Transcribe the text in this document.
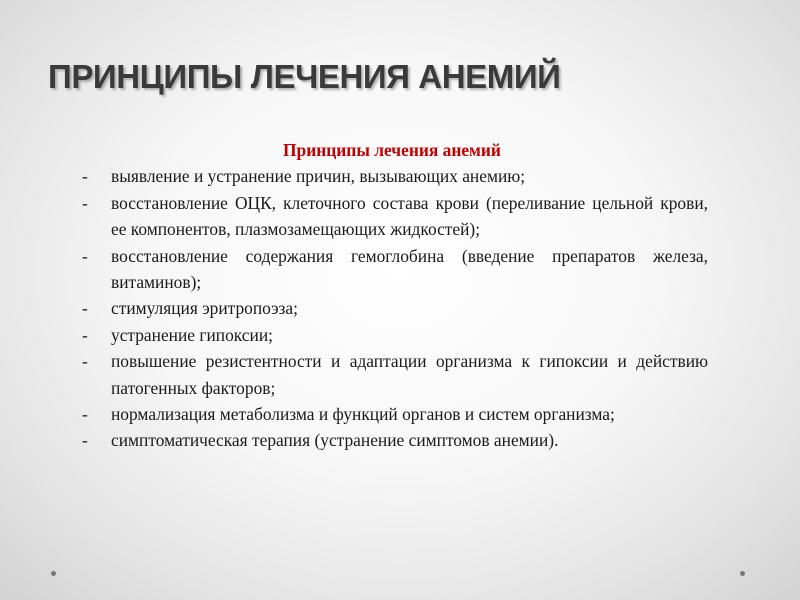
ПРИНЦИПЫ ЛЕЧЕНИЯ АНЕМИЙ

Принципы лечения анемий

-	выявление и устранение причин, вызывающих анемию;
-	восстановление ОЦК, клеточного состава крови (переливание цельной крови, ее компонентов, плазмозамещающих жидкостей);
-	восстановление содержания гемоглобина (введение препаратов железа, витаминов);
-	стимуляция эритропоэза;
-	устранение гипоксии;
-	повышение резистентности и адаптации организма к гипоксии и действию патогенных факторов;
-	нормализация метаболизма и функций органов и систем организма;
-	симптоматическая терапия (устранение симптомов анемии).
